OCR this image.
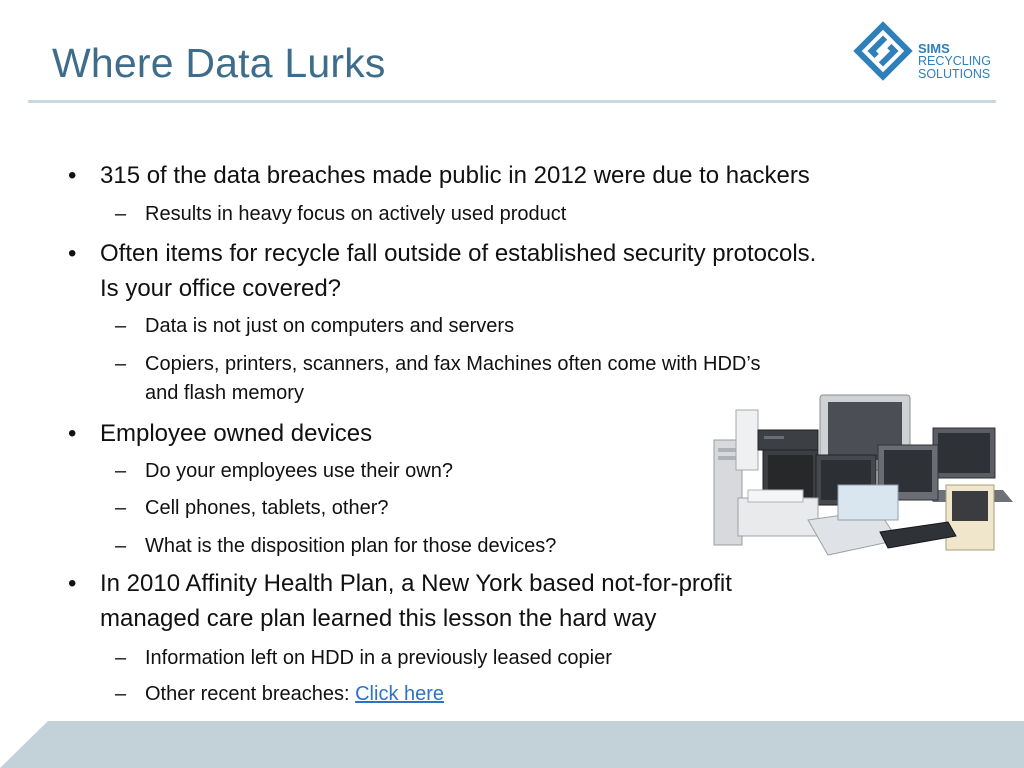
Where Data Lurks	SIMS
RECYCLING
SOLUTIONS

• 315 of the data breaches made public in 2012 were due to hackers

– Results in heavy focus on actively used product

• Often items for recycle fall outside of established security protocols.

Is your office covered?

– Data is not just on computers and servers

– Copiers, printers, scanners, and fax Machines often come with HDD’s

and flash memory

• Employee owned devices

– Do your employees use their own?

– Cell phones, tablets, other?

– What is the disposition plan for those devices?

• In 2010 Affinity Health Plan, a New York based not-for-profit

managed care plan learned this lesson the hard way

– Information left on HDD in a previously leased copier

– Other recent breaches: Click here
